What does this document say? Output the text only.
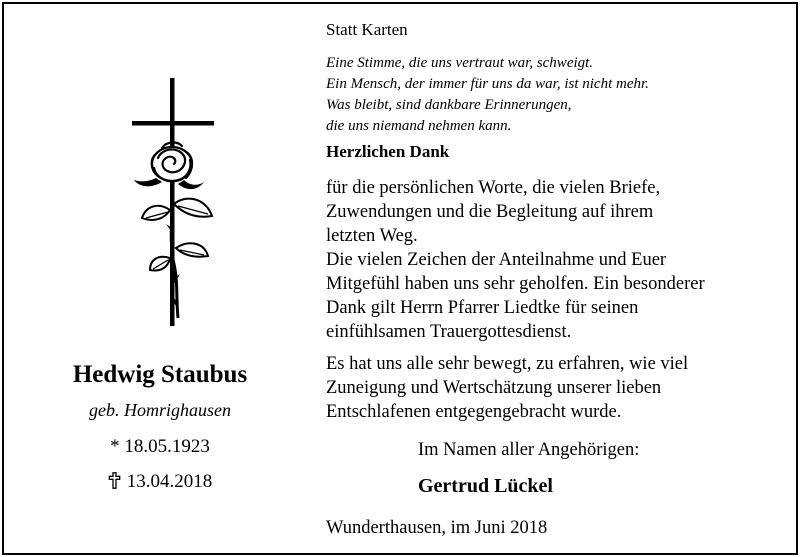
Hedwig Staubus
geb. Homrighausen
* 18.05.1923
13.04.2018
Statt Karten
Eine Stimme, die uns vertraut war, schweigt.
Ein Mensch, der immer für uns da war, ist nicht mehr.
Was bleibt, sind dankbare Erinnerungen,
die uns niemand nehmen kann.
Herzlichen Dank
für die persönlichen Worte, die vielen Briefe,
Zuwendungen und die Begleitung auf ihrem
letzten Weg.
Die vielen Zeichen der Anteilnahme und Euer
Mitgefühl haben uns sehr geholfen. Ein besonderer
Dank gilt Herrn Pfarrer Liedtke für seinen
einfühlsamen Trauergottesdienst.
Es hat uns alle sehr bewegt, zu erfahren, wie viel
Zuneigung und Wertschätzung unserer lieben
Entschlafenen entgegengebracht wurde.
Im Namen aller Angehörigen:
Gertrud Lückel
Wunderthausen, im Juni 2018
